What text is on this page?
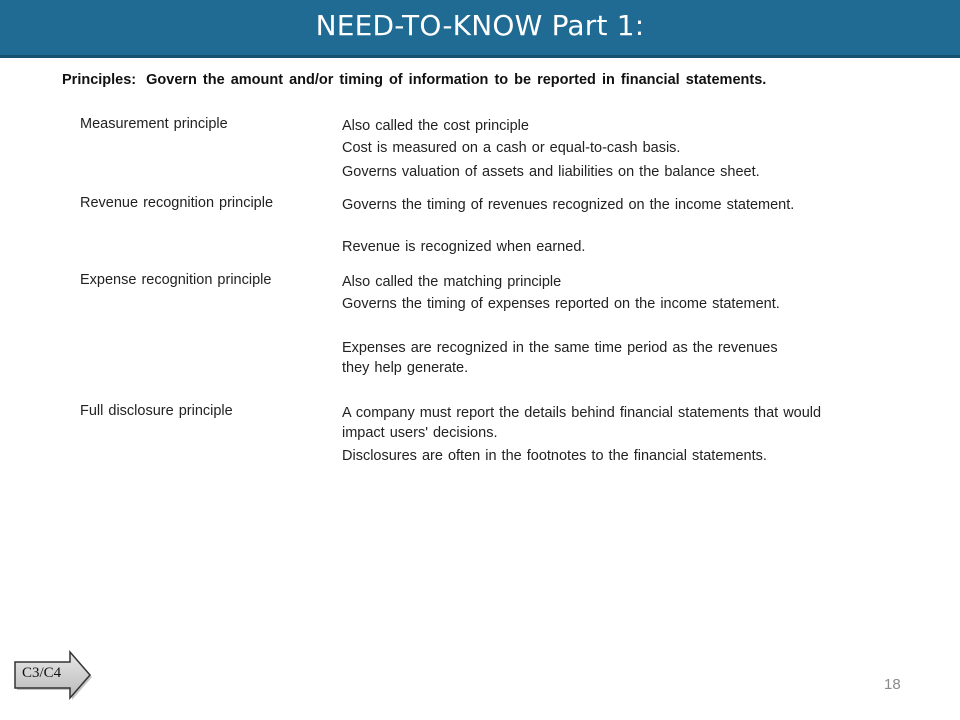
NEED-TO-KNOW Part 1:
Principles: Govern the amount and/or timing of information to be reported in financial statements.
Measurement principle	Also called the cost principle
Cost is measured on a cash or equal-to-cash basis.
Governs valuation of assets and liabilities on the balance sheet.
Revenue recognition principle	Governs the timing of revenues recognized on the income statement.
Revenue is recognized when earned.
Expense recognition principle	Also called the matching principle
Governs the timing of expenses reported on the income statement.
Expenses are recognized in the same time period as the revenues they help generate.
Full disclosure principle	A company must report the details behind financial statements that would impact users' decisions.
Disclosures are often in the footnotes to the financial statements.
C3/C4
18
